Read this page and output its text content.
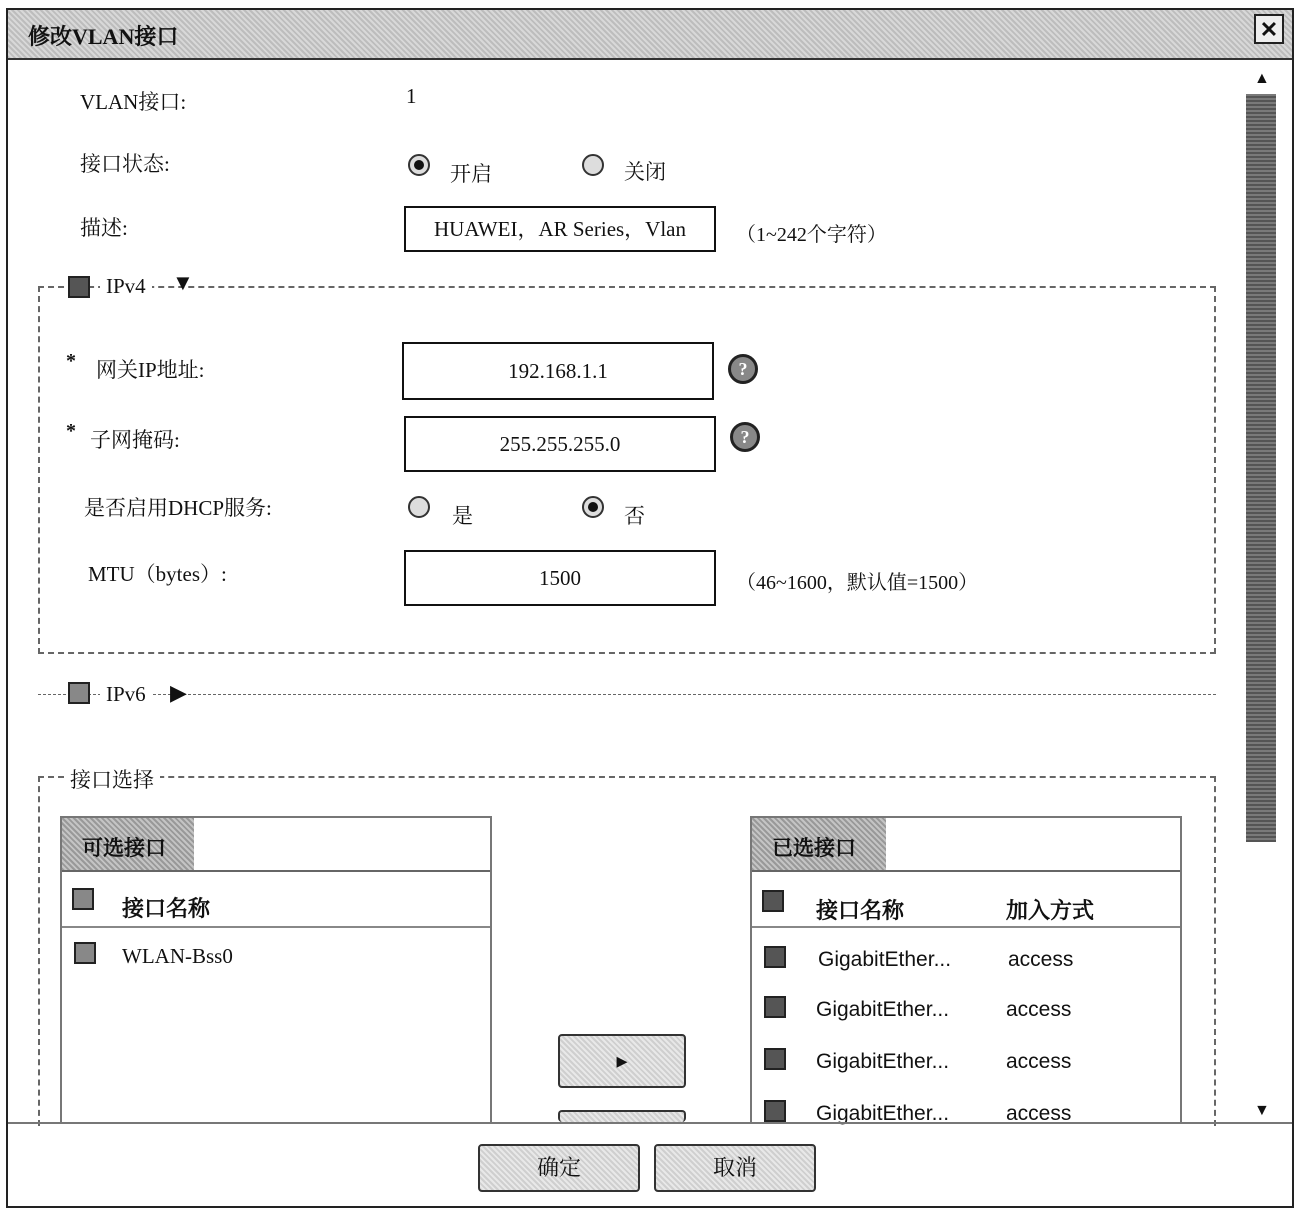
修改VLAN接口	✕
▲
▼
VLAN接口:	1
接口状态:	开启	关闭
描述:	HUAWEI，AR Series，Vlan	（1~242个字符）
IPv4 ▼
* 网关IP地址:	192.168.1.1	?
* 子网掩码:	255.255.255.0	?
是否启用DHCP服务:	是	否
MTU（bytes）:	1500	（46~1600，默认值=1500）
IPv6 ▶
接口选择
可选接口
接口名称
WLAN-Bss0
▸
已选接口
接口名称	加入方式
GigabitEther...	access
GigabitEther...	access
GigabitEther...	access
GigabitEther...	access
确定	取消
